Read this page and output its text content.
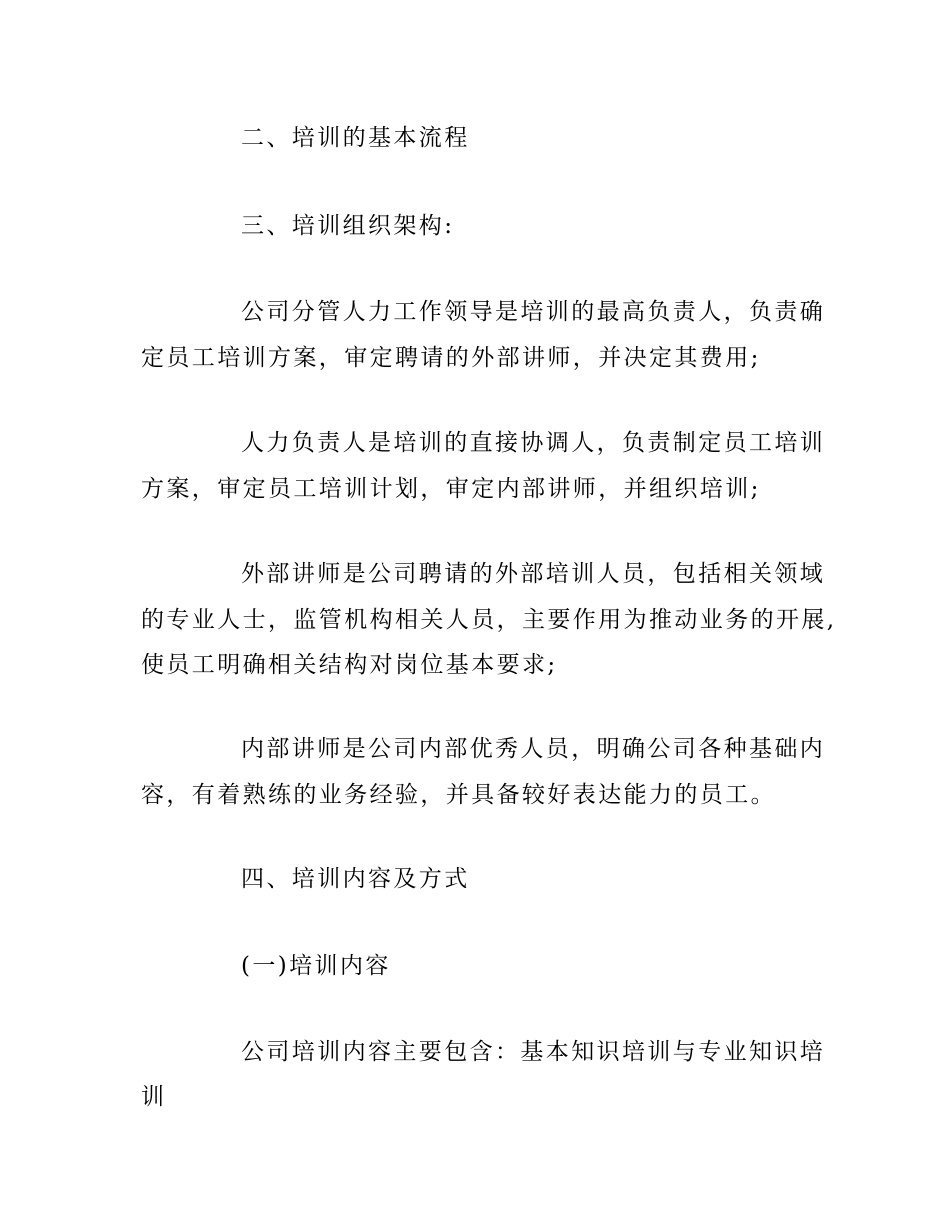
二、培训的基本流程
三、培训组织架构:
公司分管人力工作领导是培训的最高负责人，负责确
定员工培训方案，审定聘请的外部讲师，并决定其费用;
人力负责人是培训的直接协调人，负责制定员工培训
方案，审定员工培训计划，审定内部讲师，并组织培训;
外部讲师是公司聘请的外部培训人员，包括相关领域
的专业人士，监管机构相关人员，主要作用为推动业务的开展,
使员工明确相关结构对岗位基本要求;
内部讲师是公司内部优秀人员，明确公司各种基础内
容，有着熟练的业务经验，并具备较好表达能力的员工。
四、培训内容及方式
(一)培训内容
公司培训内容主要包含：基本知识培训与专业知识培
训
